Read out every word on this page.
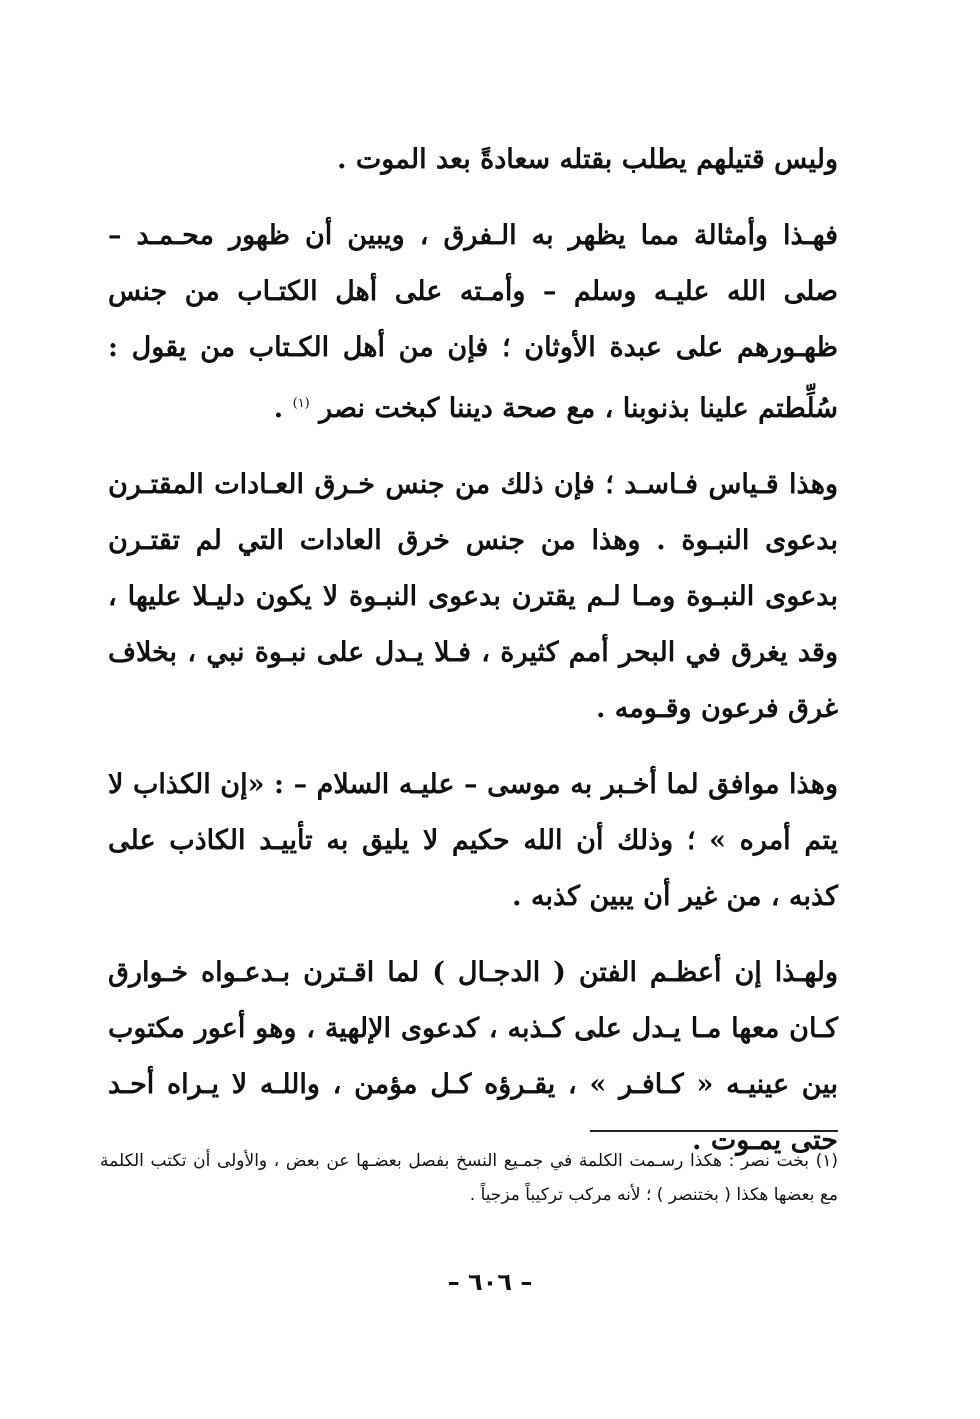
وليس قتيلهم يطلب بقتله سعادةً بعد الموت .

فهـذا وأمثالة مما يظهر به الـفرق ، ويبين أن ظهور محـمـد – صلى الله عليـه وسلم – وأمـته على أهل الكتـاب من جنس ظهـورهم على عبدة الأوثان ؛ فإن من أهل الكـتاب من يقول : سُلِّطتم علينا بذنوبنا ، مع صحة ديننا كبخت نصر $^{(١)}$ .

وهذا قـياس فـاسـد ؛ فإن ذلك من جنس خـرق العـادات المقتـرن بدعوى النبـوة . وهذا من جنس خرق العادات التي لم تقتـرن بدعوى النبـوة ومـا لـم يقترن بدعوى النبـوة لا يكون دليـلا عليها ، وقد يغرق في البحر أمم كثيرة ، فـلا يـدل على نبـوة نبي ، بخلاف غرق فرعون وقـومه .

وهذا موافق لما أخـبر به موسى – عليـه السلام – : «إن الكذاب لا يتم أمره » ؛ وذلك أن الله حكيم لا يليق به تأييـد الكاذب على كذبه ، من غير أن يبين كذبه .

ولهـذا إن أعظـم الفتن ( الدجـال ) لما اقـترن بـدعـواه خـوارق كـان معها مـا يـدل على كـذبه ، كدعوى الإلهية ، وهو أعور مكتوب بين عينيـه « كـافـر » ، يقـرؤه كـل مؤمن ، واللـه لا يـراه أحـد حتى يمـوت .

(١) بخت نصر : هكذا رسـمت الكلمة في جمـيع النسخ بفصل بعضـها عن بعض ، والأولى أن تكتب الكلمة مع بعضها هكذا ( بختنصر ) ؛ لأنه مركب تركيباً مزجياً .

– ٦٠٦ –
